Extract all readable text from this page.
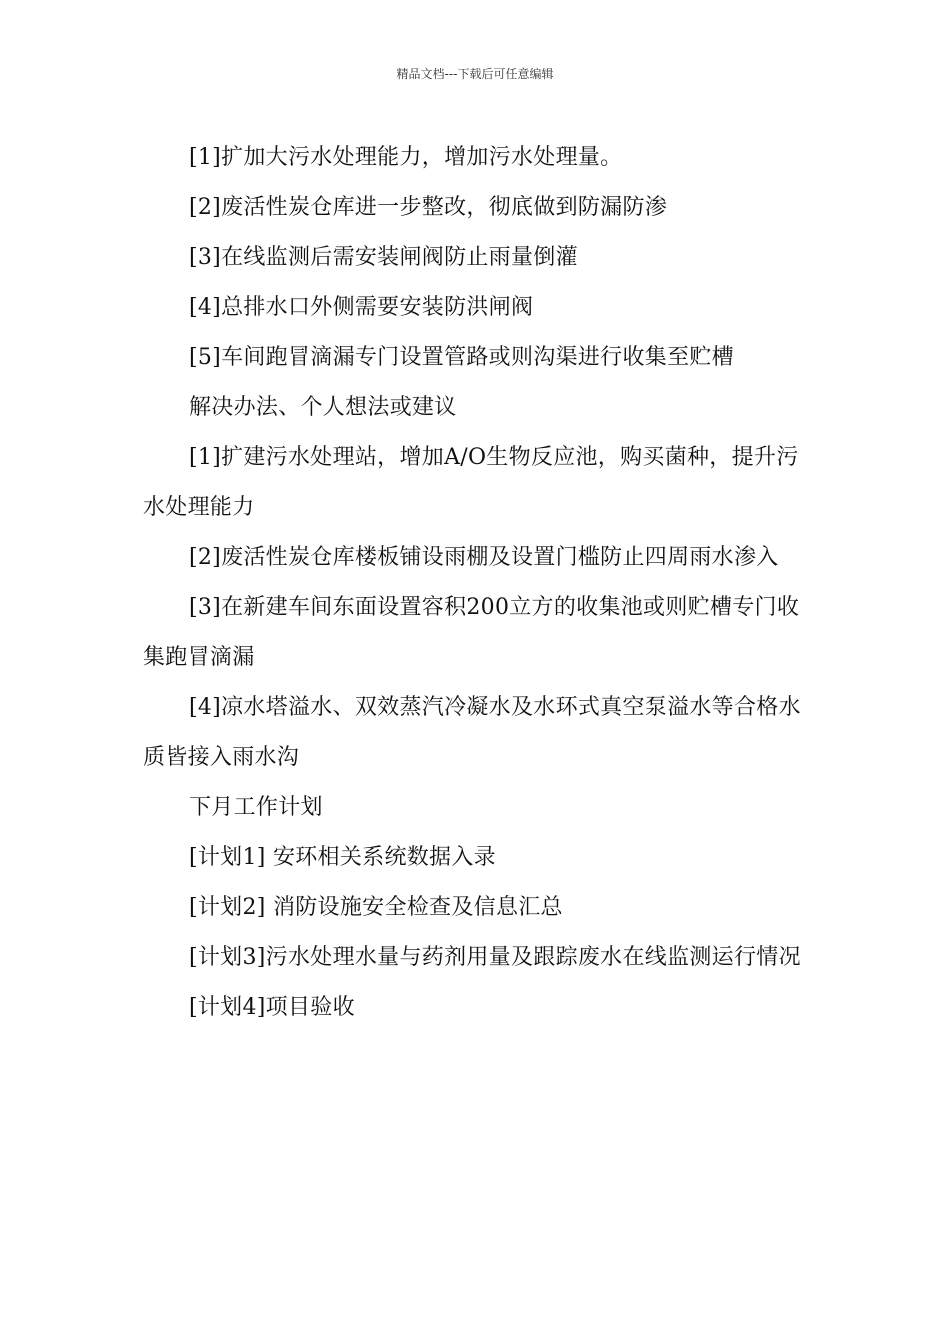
精品文档---下载后可任意编辑

[1]扩加大污水处理能力，增加污水处理量。

[2]废活性炭仓库进一步整改，彻底做到防漏防渗

[3]在线监测后需安装闸阀防止雨量倒灌

[4]总排水口外侧需要安装防洪闸阀

[5]车间跑冒滴漏专门设置管路或则沟渠进行收集至贮槽

解决办法、个人想法或建议

[1]扩建污水处理站，增加A/O生物反应池，购买菌种，提升污水处理能力

[2]废活性炭仓库楼板铺设雨棚及设置门槛防止四周雨水渗入

[3]在新建车间东面设置容积200立方的收集池或则贮槽专门收集跑冒滴漏

[4]凉水塔溢水、双效蒸汽冷凝水及水环式真空泵溢水等合格水质皆接入雨水沟

下月工作计划

[计划1] 安环相关系统数据入录

[计划2] 消防设施安全检查及信息汇总

[计划3]污水处理水量与药剂用量及跟踪废水在线监测运行情况

[计划4]项目验收
